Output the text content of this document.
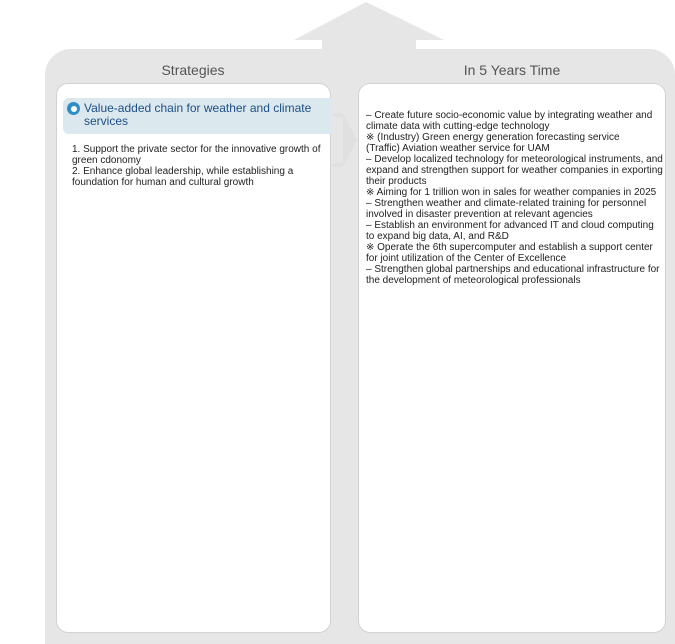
Strategies	In 5 Years Time
Value-added chain for weather and climate services
1. Support the private sector for the innovative growth of green cdonomy
2. Enhance global leadership, while establishing a foundation for human and cultural growth
– Create future socio-economic value by integrating weather and climate data with cutting-edge technology
※ (Industry) Green energy generation forecasting service
(Traffic) Aviation weather service for UAM
– Develop localized technology for meteorological instruments, and expand and strengthen support for weather companies in exporting their products
※ Aiming for 1 trillion won in sales for weather companies in 2025
– Strengthen weather and climate-related training for personnel involved in disaster prevention at relevant agencies
– Establish an environment for advanced IT and cloud computing to expand big data, AI, and R&D
※ Operate the 6th supercomputer and establish a support center for joint utilization of the Center of Excellence
– Strengthen global partnerships and educational infrastructure for the development of meteorological professionals
